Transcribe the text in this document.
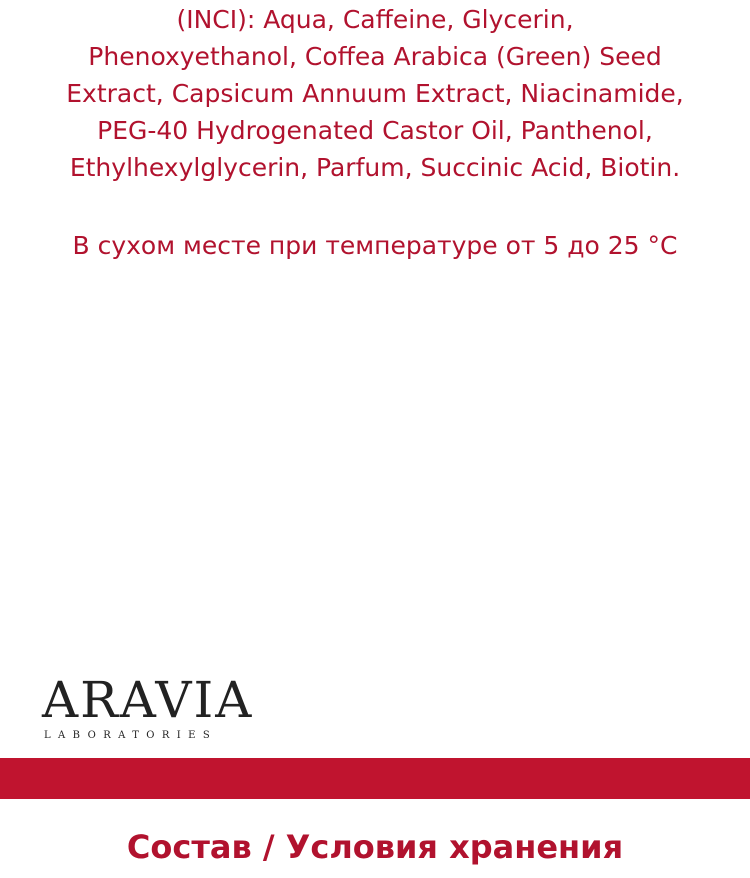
(INCI): Aqua, Caffeine, Glycerin,
Phenoxyethanol, Coffea Arabica (Green) Seed
Extract, Capsicum Annuum Extract, Niacinamide,
PEG-40 Hydrogenated Castor Oil, Panthenol,
Ethylhexylglycerin, Parfum, Succinic Acid, Biotin.
В сухом месте при температуре от 5 до 25 °С
ARAVIA
LABORATORIES
Состав / Условия хранения
